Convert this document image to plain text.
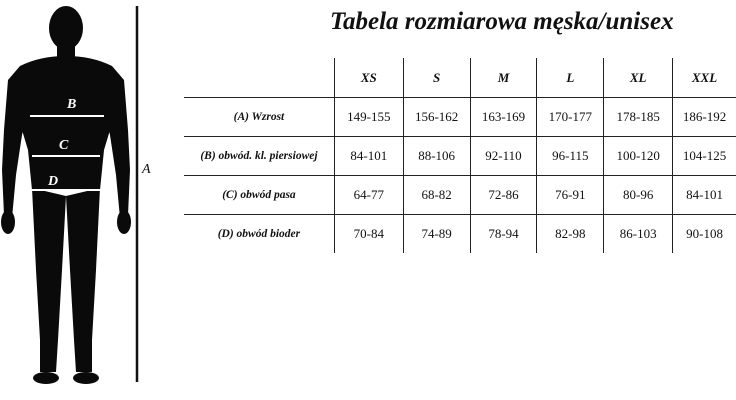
B
C
D
A
Tabela rozmiarowa męska/unisex
	XS	S	M	L	XL	XXL
(A) Wzrost	149-155	156-162	163-169	170-177	178-185	186-192
(B) obwód. kl. piersiowej	84-101	88-106	92-110	96-115	100-120	104-125
(C) obwód pasa	64-77	68-82	72-86	76-91	80-96	84-101
(D) obwód bioder	70-84	74-89	78-94	82-98	86-103	90-108
